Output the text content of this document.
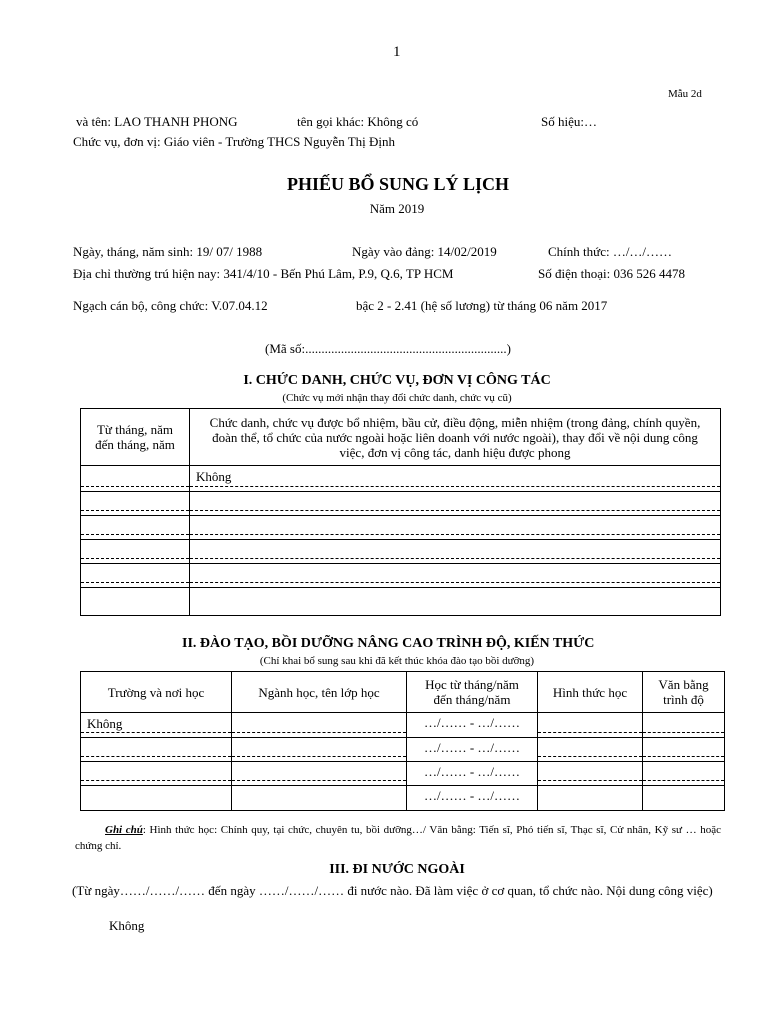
1
Mẫu 2d
và tên: LAO THANH PHONG	tên gọi khác: Không có	Số hiệu:…
Chức vụ, đơn vị: Giáo viên - Trường THCS Nguyễn Thị Định
PHIẾU BỔ SUNG LÝ LỊCH
Năm 2019
Ngày, tháng, năm sinh: 19/ 07/ 1988	Ngày vào đảng: 14/02/2019	Chính thức: …/…/……
Địa chỉ thường trú hiện nay: 341/4/10 - Bến Phú Lâm, P.9, Q.6, TP HCM	Số điện thoại: 036 526 4478
Ngạch cán bộ, công chức: V.07.04.12	bậc 2 - 2.41 (hệ số lương) từ tháng 06 năm 2017
(Mã số:..............................................................)
I. CHỨC DANH, CHỨC VỤ, ĐƠN VỊ CÔNG TÁC
(Chức vụ mới nhận thay đổi chức danh, chức vụ cũ)
Từ tháng, năm đến tháng, năm	Chức danh, chức vụ được bổ nhiệm, bầu cử, điều động, miễn nhiệm (trong đảng, chính quyền, đoàn thể, tổ chức của nước ngoài hoặc liên doanh với nước ngoài), thay đổi về nội dung công việc, đơn vị công tác, danh hiệu được phong

	Không

II. ĐÀO TẠO, BỒI DƯỠNG NÂNG CAO TRÌNH ĐỘ, KIẾN THỨC
(Chỉ khai bổ sung sau khi đã kết thúc khóa đào tạo bồi dưỡng)
Trường và nơi học	Ngành học, tên lớp học	Học từ tháng/năm đến tháng/năm	Hình thức học	Văn bằng trình độ

Không		…/…… - …/……		

		…/…… - …/……		

		…/…… - …/……		

		…/…… - …/……		

Ghi chú: Hình thức học: Chính quy, tại chức, chuyên tu, bồi dưỡng…/ Văn bằng: Tiến sĩ, Phó tiến sĩ, Thạc sĩ, Cử nhân, Kỹ sư … hoặc chứng chỉ.
III. ĐI NƯỚC NGOÀI
(Từ ngày……/……/…… đến ngày ……/……/…… đi nước nào. Đã làm việc ở cơ quan, tổ chức nào. Nội dung công việc)
Không
